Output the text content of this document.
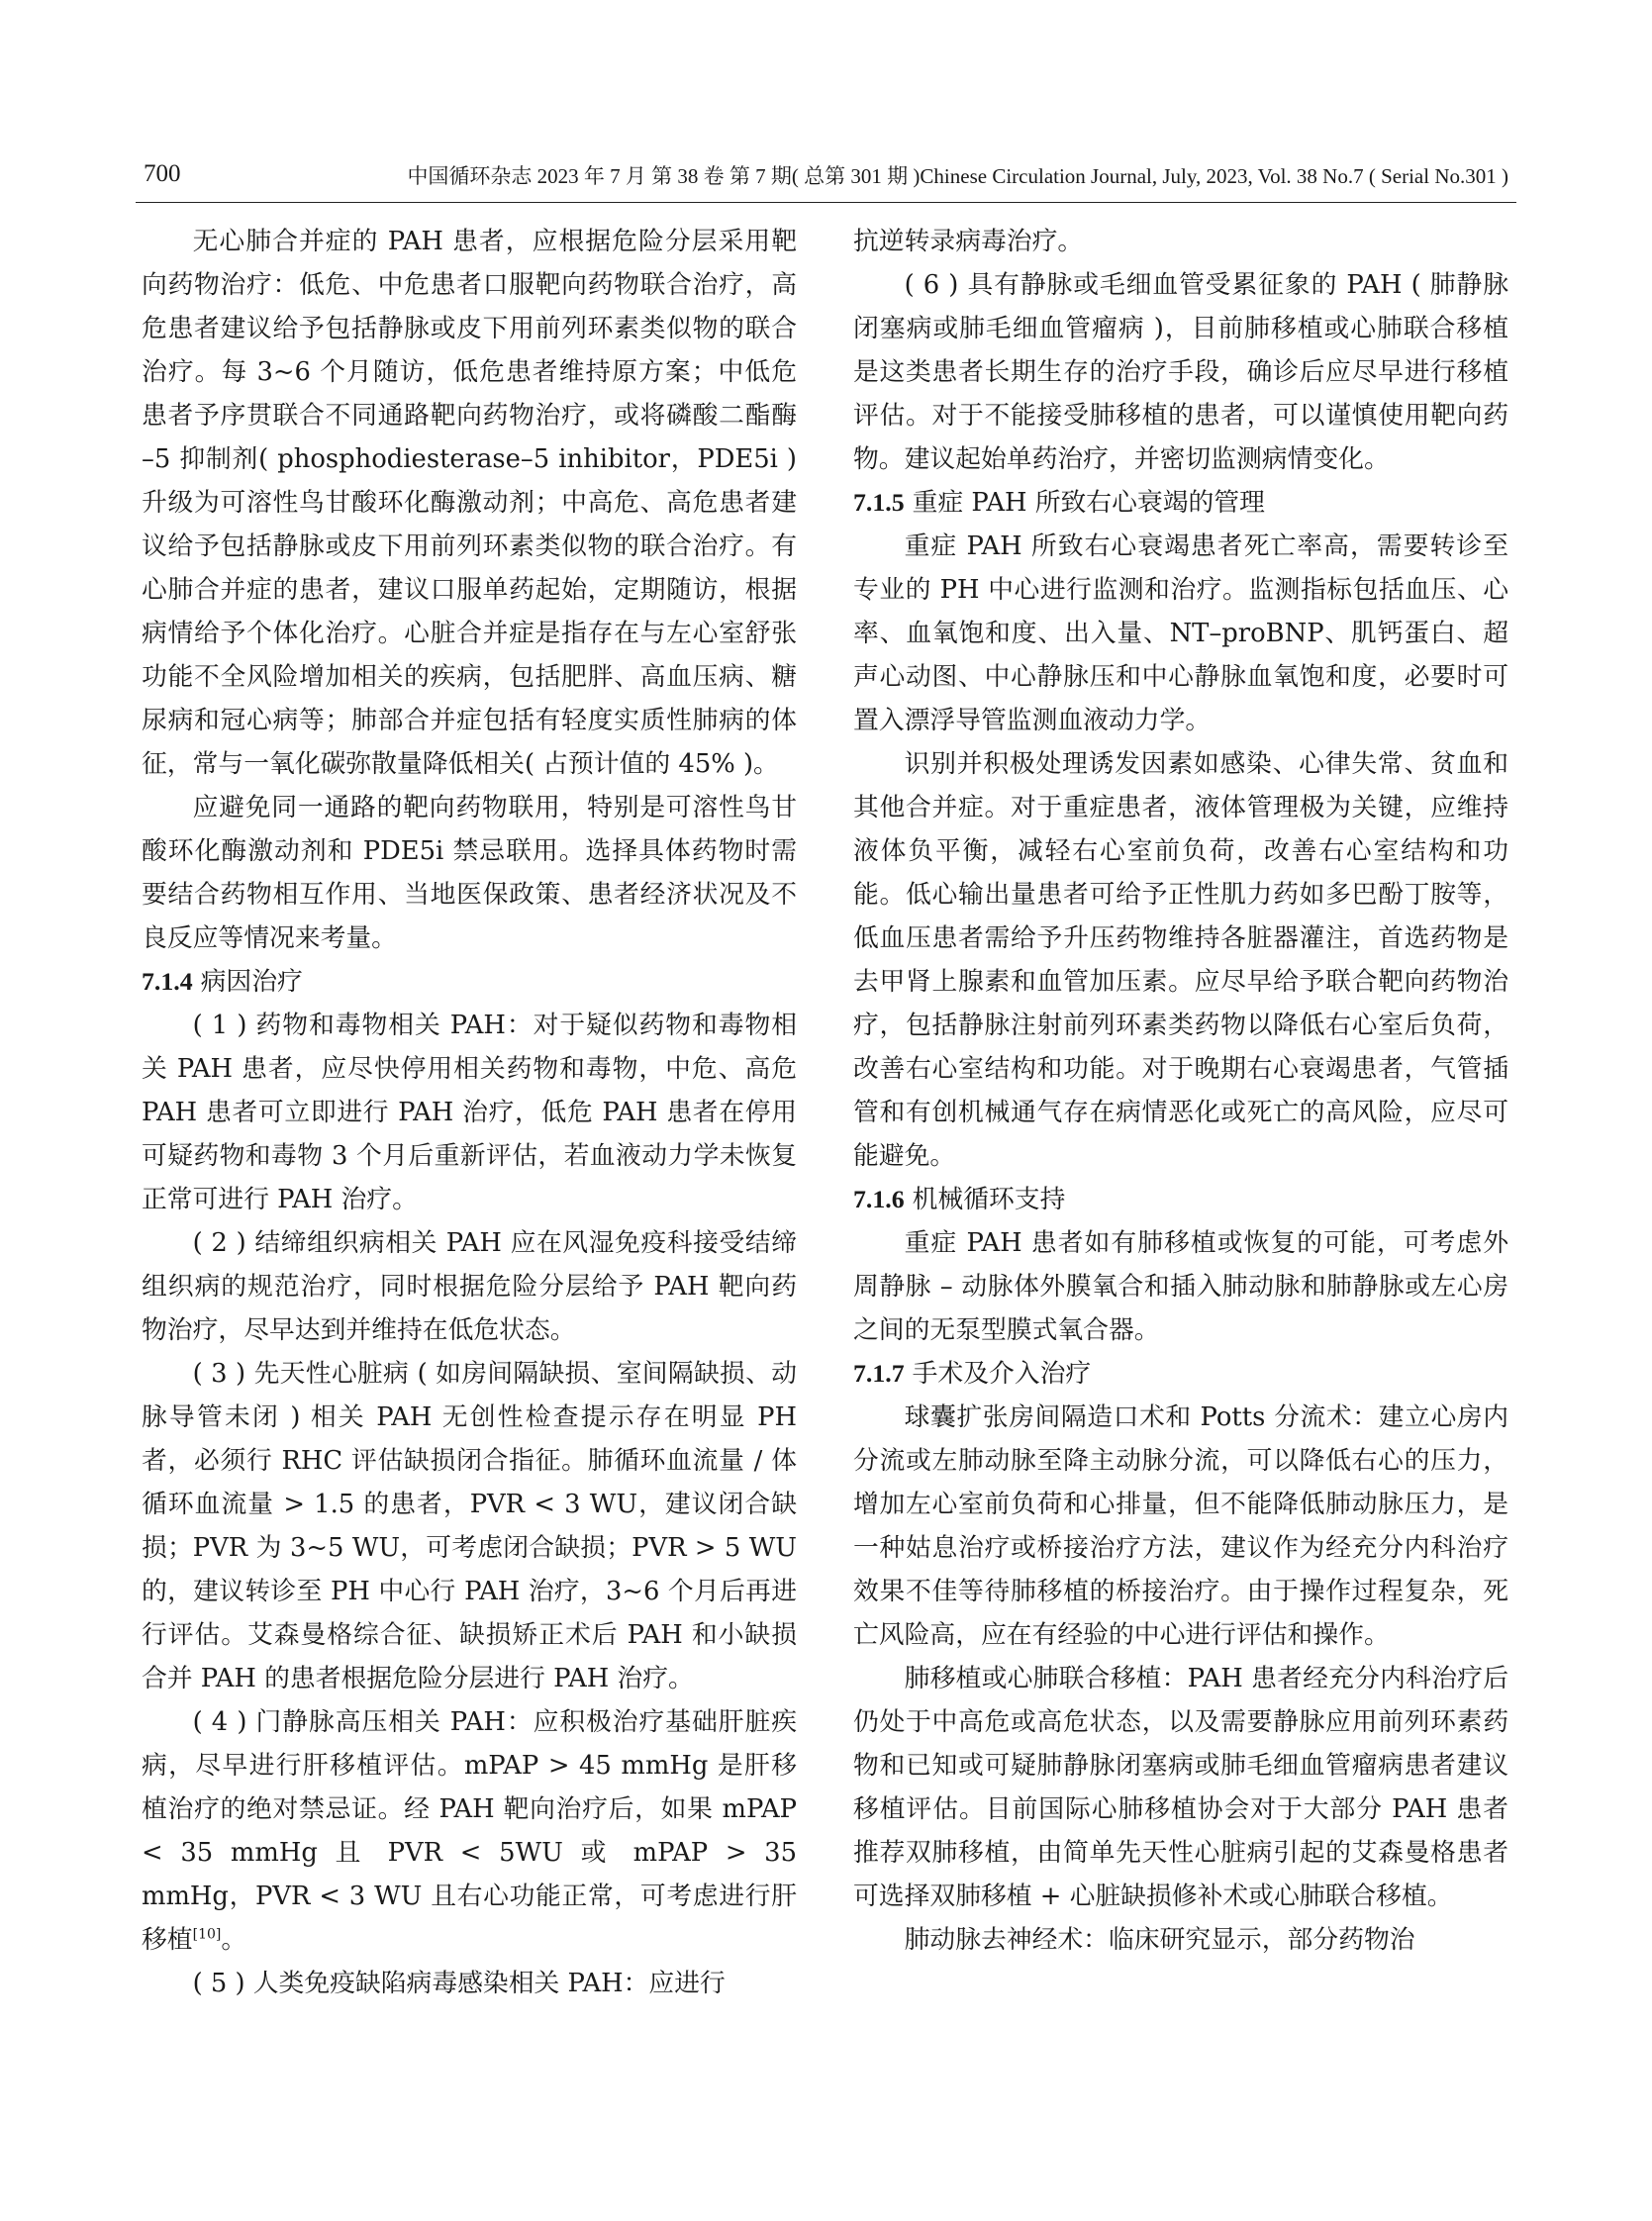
700	中国循环杂志 2023 年 7 月 第 38 卷 第 7 期( 总第 301 期 )Chinese Circulation Journal, July, 2023, Vol. 38 No.7 ( Serial No.301 )

无心肺合并症的 PAH 患者，应根据危险分层采用靶向药物治疗：低危、中危患者口服靶向药物联合治疗，高危患者建议给予包括静脉或皮下用前列环素类似物的联合治疗。每 3~6 个月随访，低危患者维持原方案；中低危患者予序贯联合不同通路靶向药物治疗，或将磷酸二酯酶 –5 抑制剂( phosphodiesterase–5 inhibitor，PDE5i )升级为可溶性鸟甘酸环化酶激动剂；中高危、高危患者建议给予包括静脉或皮下用前列环素类似物的联合治疗。有心肺合并症的患者，建议口服单药起始，定期随访，根据病情给予个体化治疗。心脏合并症是指存在与左心室舒张功能不全风险增加相关的疾病，包括肥胖、高血压病、糖尿病和冠心病等；肺部合并症包括有轻度实质性肺病的体征，常与一氧化碳弥散量降低相关( 占预计值的 45% )。

应避免同一通路的靶向药物联用，特别是可溶性鸟甘酸环化酶激动剂和 PDE5i 禁忌联用。选择具体药物时需要结合药物相互作用、当地医保政策、患者经济状况及不良反应等情况来考量。

7.1.4 病因治疗

( 1 ) 药物和毒物相关 PAH：对于疑似药物和毒物相关 PAH 患者，应尽快停用相关药物和毒物，中危、高危 PAH 患者可立即进行 PAH 治疗，低危 PAH 患者在停用可疑药物和毒物 3 个月后重新评估，若血液动力学未恢复正常可进行 PAH 治疗。

( 2 ) 结缔组织病相关 PAH 应在风湿免疫科接受结缔组织病的规范治疗，同时根据危险分层给予 PAH 靶向药物治疗，尽早达到并维持在低危状态。

( 3 ) 先天性心脏病 ( 如房间隔缺损、室间隔缺损、动脉导管未闭 ) 相关 PAH 无创性检查提示存在明显 PH 者，必须行 RHC 评估缺损闭合指征。肺循环血流量 / 体循环血流量 > 1.5 的患者，PVR < 3 WU，建议闭合缺损；PVR 为 3~5 WU，可考虑闭合缺损；PVR > 5 WU 的，建议转诊至 PH 中心行 PAH 治疗，3~6 个月后再进行评估。艾森曼格综合征、缺损矫正术后 PAH 和小缺损合并 PAH 的患者根据危险分层进行 PAH 治疗。

( 4 ) 门静脉高压相关 PAH：应积极治疗基础肝脏疾病，尽早进行肝移植评估。mPAP > 45 mmHg 是肝移植治疗的绝对禁忌证。经 PAH 靶向治疗后，如果 mPAP < 35 mmHg 且 PVR < 5WU 或 mPAP > 35 mmHg，PVR < 3 WU 且右心功能正常，可考虑进行肝移植[10]。

( 5 ) 人类免疫缺陷病毒感染相关 PAH：应进行

抗逆转录病毒治疗。

( 6 ) 具有静脉或毛细血管受累征象的 PAH ( 肺静脉闭塞病或肺毛细血管瘤病 )，目前肺移植或心肺联合移植是这类患者长期生存的治疗手段，确诊后应尽早进行移植评估。对于不能接受肺移植的患者，可以谨慎使用靶向药物。建议起始单药治疗，并密切监测病情变化。

7.1.5 重症 PAH 所致右心衰竭的管理

重症 PAH 所致右心衰竭患者死亡率高，需要转诊至专业的 PH 中心进行监测和治疗。监测指标包括血压、心率、血氧饱和度、出入量、NT–proBNP、肌钙蛋白、超声心动图、中心静脉压和中心静脉血氧饱和度，必要时可置入漂浮导管监测血液动力学。

识别并积极处理诱发因素如感染、心律失常、贫血和其他合并症。对于重症患者，液体管理极为关键，应维持液体负平衡，减轻右心室前负荷，改善右心室结构和功能。低心输出量患者可给予正性肌力药如多巴酚丁胺等，低血压患者需给予升压药物维持各脏器灌注，首选药物是去甲肾上腺素和血管加压素。应尽早给予联合靶向药物治疗，包括静脉注射前列环素类药物以降低右心室后负荷，改善右心室结构和功能。对于晚期右心衰竭患者，气管插管和有创机械通气存在病情恶化或死亡的高风险，应尽可能避免。

7.1.6 机械循环支持

重症 PAH 患者如有肺移植或恢复的可能，可考虑外周静脉 – 动脉体外膜氧合和插入肺动脉和肺静脉或左心房之间的无泵型膜式氧合器。

7.1.7 手术及介入治疗

球囊扩张房间隔造口术和 Potts 分流术：建立心房内分流或左肺动脉至降主动脉分流，可以降低右心的压力，增加左心室前负荷和心排量，但不能降低肺动脉压力，是一种姑息治疗或桥接治疗方法，建议作为经充分内科治疗效果不佳等待肺移植的桥接治疗。由于操作过程复杂，死亡风险高，应在有经验的中心进行评估和操作。

肺移植或心肺联合移植：PAH 患者经充分内科治疗后仍处于中高危或高危状态，以及需要静脉应用前列环素药物和已知或可疑肺静脉闭塞病或肺毛细血管瘤病患者建议移植评估。目前国际心肺移植协会对于大部分 PAH 患者推荐双肺移植，由简单先天性心脏病引起的艾森曼格患者可选择双肺移植 + 心脏缺损修补术或心肺联合移植。

肺动脉去神经术：临床研究显示，部分药物治
